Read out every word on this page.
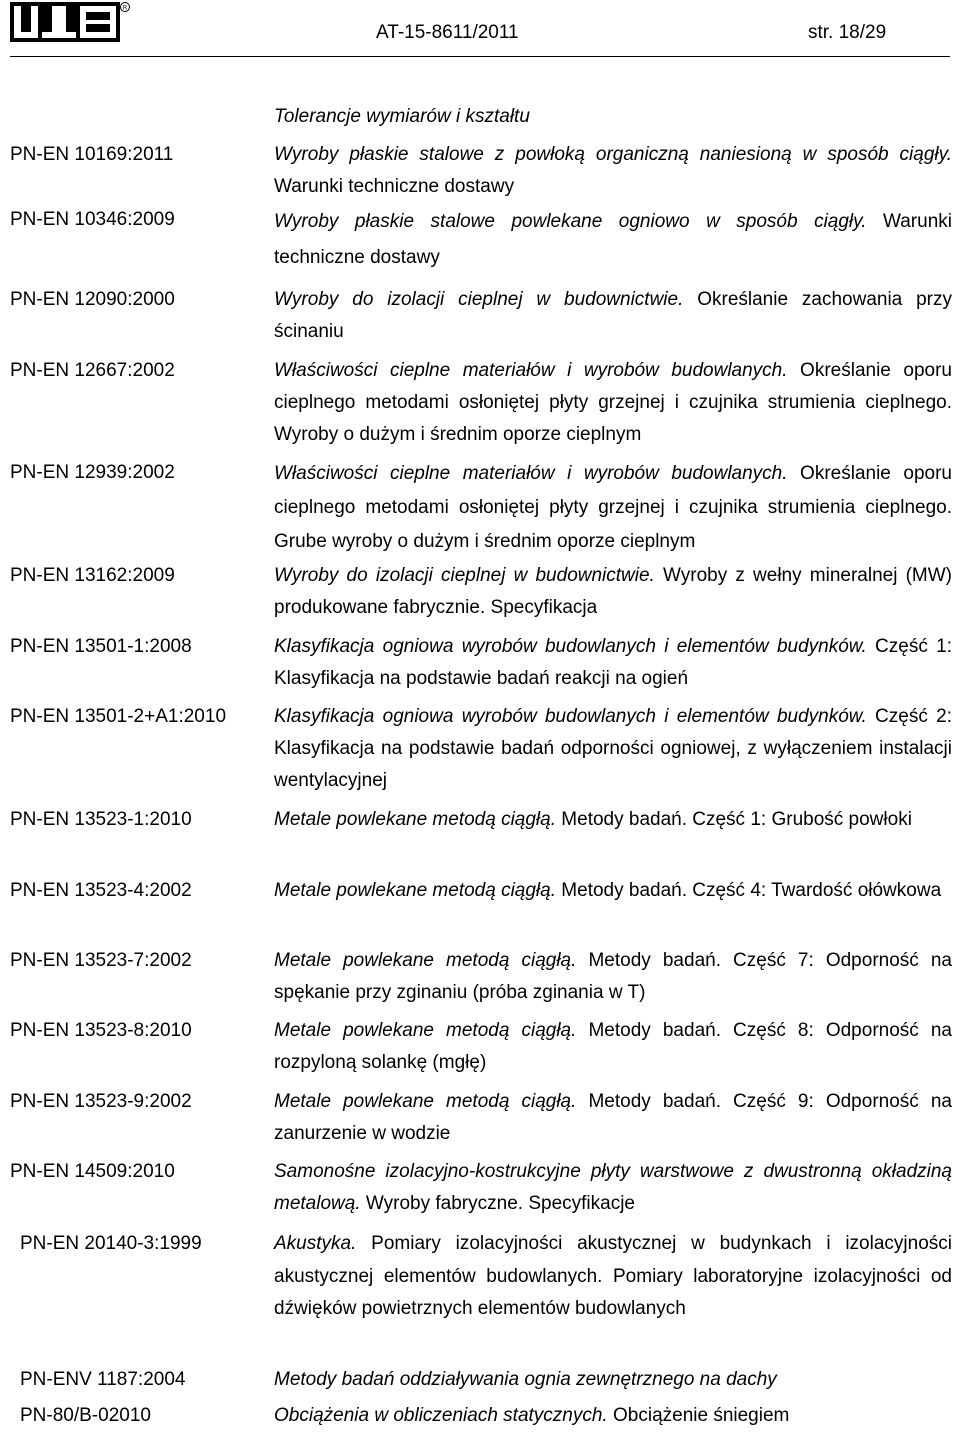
R
AT-15-8611/2011	str. 18/29
Tolerancje wymiarów i kształtu
PN-EN 10169:2011	Wyroby płaskie stalowe z powłoką organiczną naniesioną w sposób ciągły. Warunki techniczne dostawy
PN-EN 10346:2009	Wyroby płaskie stalowe powlekane ogniowo w sposób ciągły. Warunki techniczne dostawy
PN-EN 12090:2000	Wyroby do izolacji cieplnej w budownictwie. Określanie zachowania przy ścinaniu
PN-EN 12667:2002	Właściwości cieplne materiałów i wyrobów budowlanych. Określanie oporu cieplnego metodami osłoniętej płyty grzejnej i czujnika strumienia cieplnego. Wyroby o dużym i średnim oporze cieplnym
PN-EN 12939:2002	Właściwości cieplne materiałów i wyrobów budowlanych. Określanie oporu cieplnego metodami osłoniętej płyty grzejnej i czujnika strumienia cieplnego. Grube wyroby o dużym i średnim oporze cieplnym
PN-EN 13162:2009	Wyroby do izolacji cieplnej w budownictwie. Wyroby z wełny mineralnej (MW) produkowane fabrycznie. Specyfikacja
PN-EN 13501-1:2008	Klasyfikacja ogniowa wyrobów budowlanych i elementów budynków. Część 1: Klasyfikacja na podstawie badań reakcji na ogień
PN-EN 13501-2+A1:2010	Klasyfikacja ogniowa wyrobów budowlanych i elementów budynków. Część 2: Klasyfikacja na podstawie badań odporności ogniowej, z wyłączeniem instalacji wentylacyjnej
PN-EN 13523-1:2010	Metale powlekane metodą ciągłą. Metody badań. Część 1: Grubość powłoki
PN-EN 13523-4:2002	Metale powlekane metodą ciągłą. Metody badań. Część 4: Twardość ołówkowa
PN-EN 13523-7:2002	Metale powlekane metodą ciągłą. Metody badań. Część 7: Odporność na spękanie przy zginaniu (próba zginania w T)
PN-EN 13523-8:2010	Metale powlekane metodą ciągłą. Metody badań. Część 8: Odporność na rozpyloną solankę (mgłę)
PN-EN 13523-9:2002	Metale powlekane metodą ciągłą. Metody badań. Część 9: Odporność na zanurzenie w wodzie
PN-EN 14509:2010	Samonośne izolacyjno-kostrukcyjne płyty warstwowe z dwustronną okładziną metalową. Wyroby fabryczne. Specyfikacje
PN-EN 20140-3:1999	Akustyka. Pomiary izolacyjności akustycznej w budynkach i izolacyjności akustycznej elementów budowlanych. Pomiary laboratoryjne izolacyjności od dźwięków powietrznych elementów budowlanych
PN-ENV 1187:2004	Metody badań oddziaływania ognia zewnętrznego na dachy
PN-80/B-02010	Obciążenia w obliczeniach statycznych. Obciążenie śniegiem
